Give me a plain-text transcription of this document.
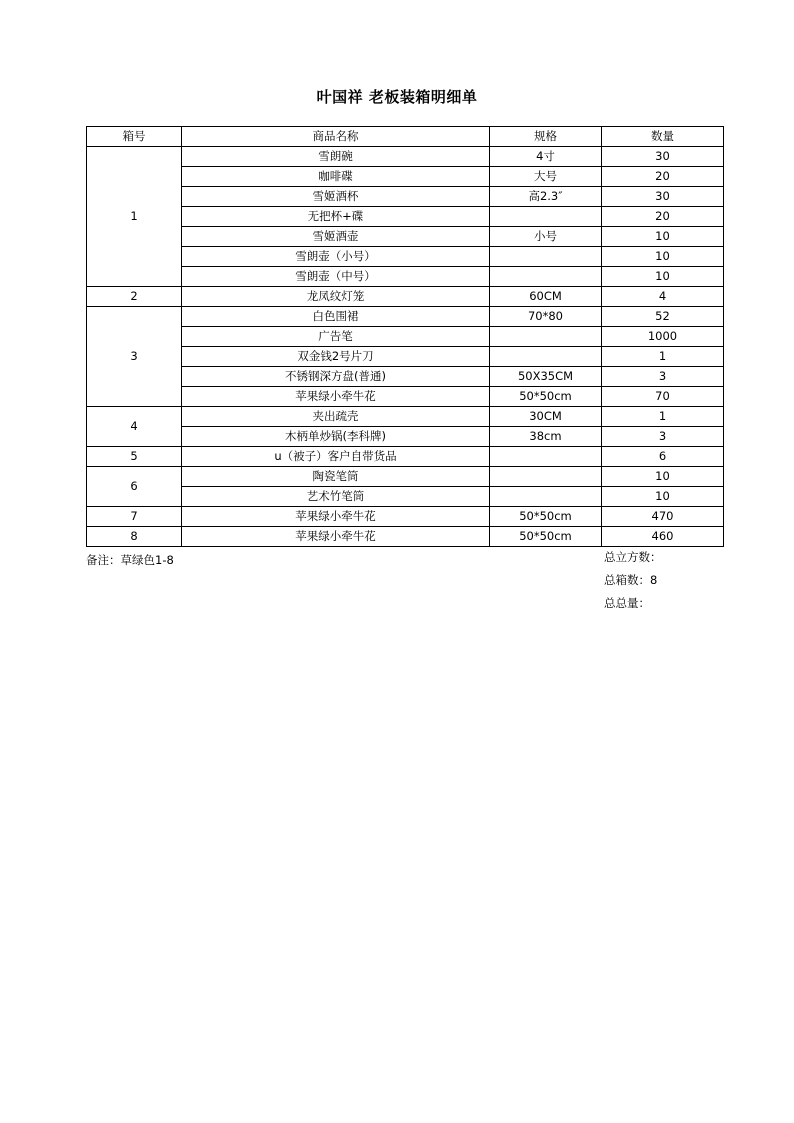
叶国祥 老板装箱明细单
箱号	商品名称	规格	数量
1	雪朗碗	4寸	30
	咖啡碟	大号	20
	雪姬酒杯	高2.3″	30
	无把杯+碟		20
	雪姬酒壶	小号	10
	雪朗壶（小号）		10
	雪朗壶（中号）		10
2	龙凤纹灯笼	60CM	4
3	白色围裙	70*80	52
	广告笔		1000
	双金钱2号片刀		1
	不锈钢深方盘(普通)	50X35CM	3
	苹果绿小牵牛花	50*50cm	70
4	夹出疏壳	30CM	1
	木柄单炒锅(李科牌)	38cm	3
5	u（被子）客户自带货品		6
6	陶瓷笔筒		10
	艺术竹笔筒		10
7	苹果绿小牵牛花	50*50cm	470
8	苹果绿小牵牛花	50*50cm	460
备注：草绿色1-8	总立方数：
总箱数：8
总总量：
